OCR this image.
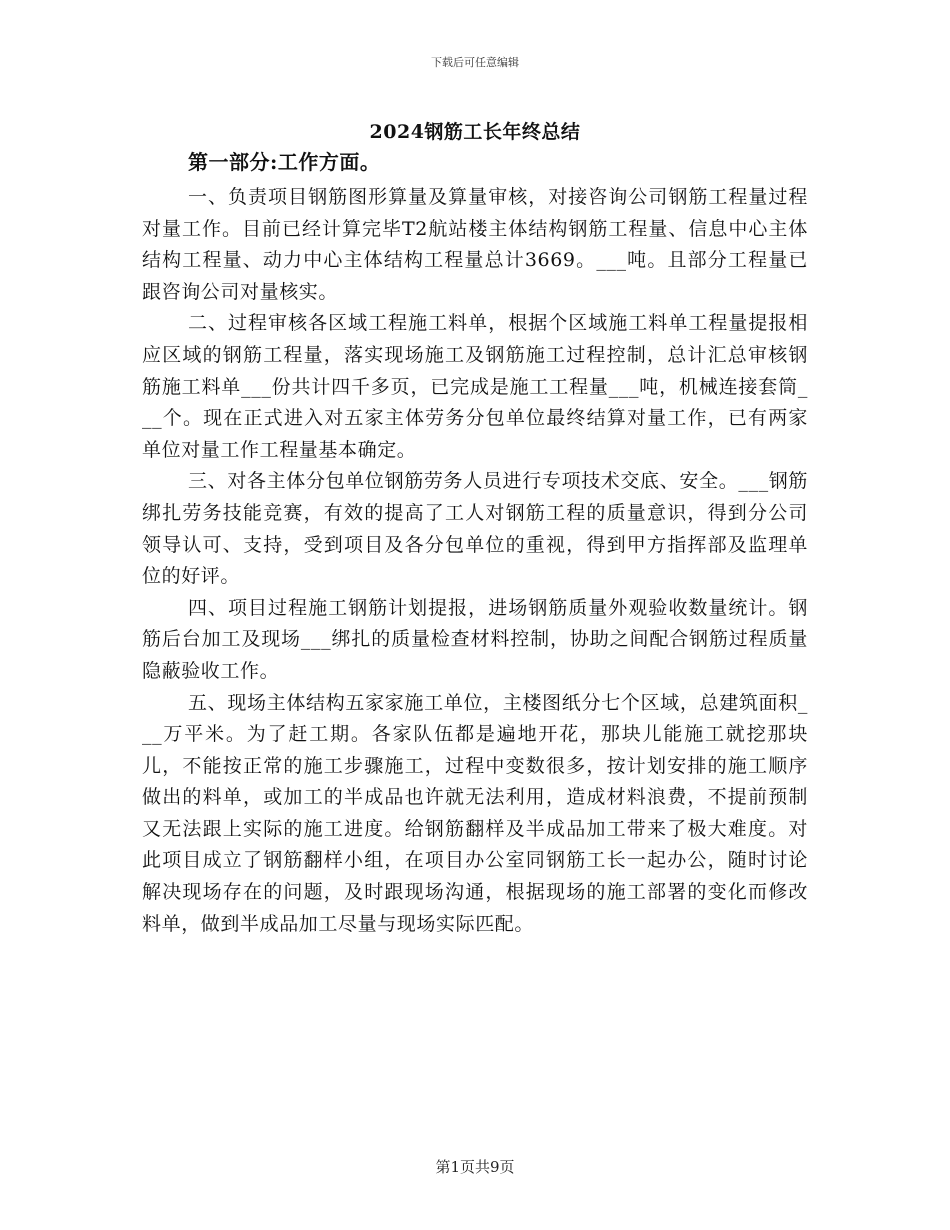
下载后可任意编辑
2024钢筋工长年终总结
第一部分:工作方面。

一、负责项目钢筋图形算量及算量审核，对接咨询公司钢筋工程量过程对量工作。目前已经计算完毕T2航站楼主体结构钢筋工程量、信息中心主体结构工程量、动力中心主体结构工程量总计3669。___吨。且部分工程量已跟咨询公司对量核实。

二、过程审核各区域工程施工料单，根据个区域施工料单工程量提报相应区域的钢筋工程量，落实现场施工及钢筋施工过程控制，总计汇总审核钢筋施工料单___份共计四千多页，已完成是施工工程量___吨，机械连接套筒___个。现在正式进入对五家主体劳务分包单位最终结算对量工作，已有两家单位对量工作工程量基本确定。

三、对各主体分包单位钢筋劳务人员进行专项技术交底、安全。___钢筋绑扎劳务技能竞赛，有效的提高了工人对钢筋工程的质量意识，得到分公司领导认可、支持，受到项目及各分包单位的重视，得到甲方指挥部及监理单位的好评。

四、项目过程施工钢筋计划提报，进场钢筋质量外观验收数量统计。钢筋后台加工及现场___绑扎的质量检查材料控制，协助之间配合钢筋过程质量隐蔽验收工作。

五、现场主体结构五家家施工单位，主楼图纸分七个区域，总建筑面积___万平米。为了赶工期。各家队伍都是遍地开花，那块儿能施工就挖那块儿，不能按正常的施工步骤施工，过程中变数很多，按计划安排的施工顺序做出的料单，或加工的半成品也许就无法利用，造成材料浪费，不提前预制又无法跟上实际的施工进度。给钢筋翻样及半成品加工带来了极大难度。对此项目成立了钢筋翻样小组，在项目办公室同钢筋工长一起办公，随时讨论解决现场存在的问题，及时跟现场沟通，根据现场的施工部署的变化而修改料单，做到半成品加工尽量与现场实际匹配。

第1页共9页
